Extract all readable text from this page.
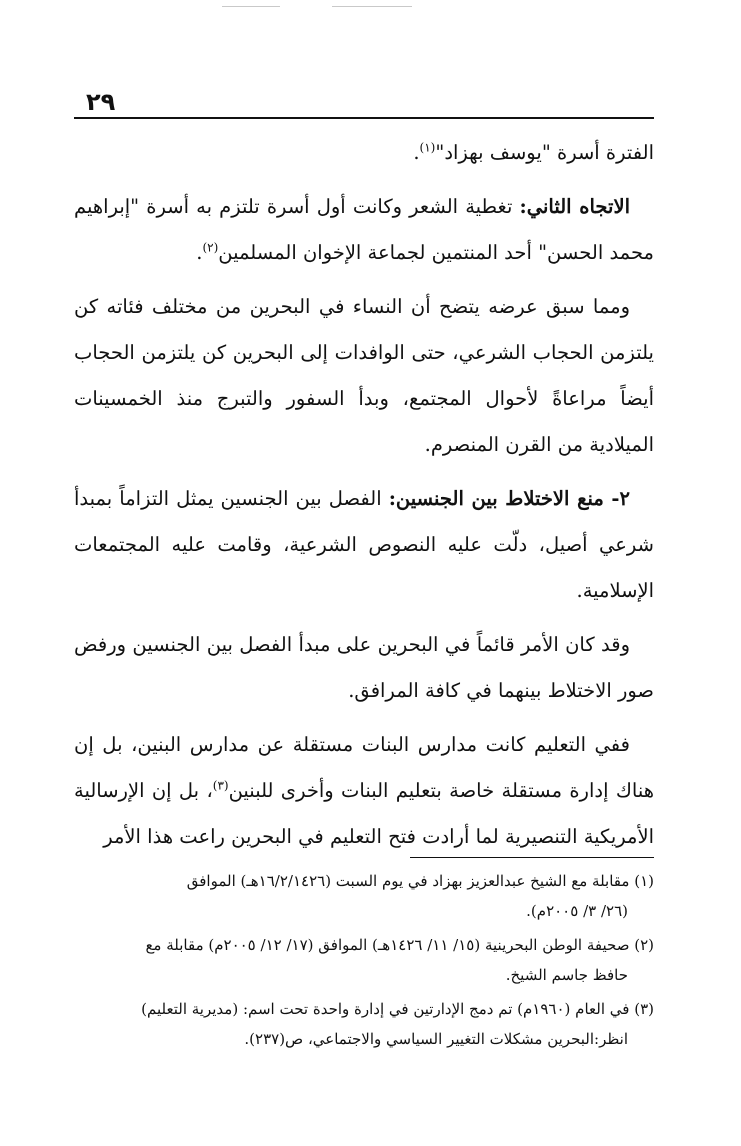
٢٩

الفترة أسرة "يوسف بهزاد"$^{(١)}$.

الاتجاه الثاني: تغطية الشعر وكانت أول أسرة تلتزم به أسرة "إبراهيم محمد الحسن" أحد المنتمين لجماعة الإخوان المسلمين$^{(٢)}$.

ومما سبق عرضه يتضح أن النساء في البحرين من مختلف فئاته كن يلتزمن الحجاب الشرعي، حتى الوافدات إلى البحرين كن يلتزمن الحجاب أيضاً مراعاةً لأحوال المجتمع، وبدأ السفور والتبرج منذ الخمسينات الميلادية من القرن المنصرم.

٢- منع الاختلاط بين الجنسين: الفصل بين الجنسين يمثل التزاماً بمبدأ شرعي أصيل، دلّت عليه النصوص الشرعية، وقامت عليه المجتمعات الإسلامية.

وقد كان الأمر قائماً في البحرين على مبدأ الفصل بين الجنسين ورفض صور الاختلاط بينهما في كافة المرافق.

ففي التعليم كانت مدارس البنات مستقلة عن مدارس البنين، بل إن هناك إدارة مستقلة خاصة بتعليم البنات وأخرى للبنين$^{(٣)}$، بل إن الإرسالية الأمريكية التنصيرية لما أرادت فتح التعليم في البحرين راعت هذا الأمر

(١) مقابلة مع الشيخ عبدالعزيز بهزاد في يوم السبت (١٦/٢/١٤٢٦هـ) الموافق
(٢٦/ ٣/ ٢٠٠٥م).
(٢) صحيفة الوطن البحرينية (١٥/ ١١/ ١٤٢٦هـ) الموافق (١٧/ ١٢/ ٢٠٠٥م) مقابلة مع
حافظ جاسم الشيخ.
(٣) في العام (١٩٦٠م) تم دمج الإدارتين في إدارة واحدة تحت اسم: (مديرية التعليم)
انظر:البحرين مشكلات التغيير السياسي والاجتماعي، ص(٢٣٧).
